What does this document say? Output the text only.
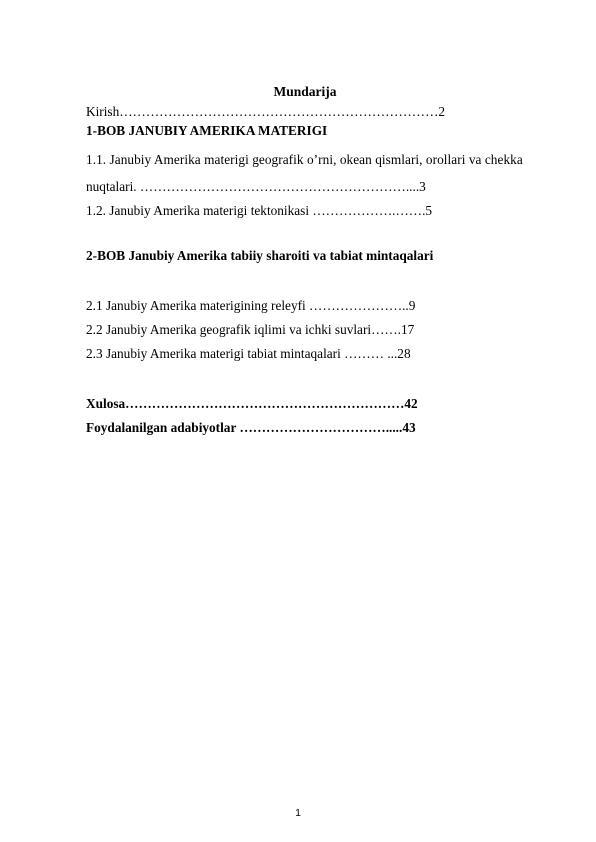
Mundarija
Kirish………………………………………………………………2
1-BOB JANUBIY AMERIKA MATERIGI
1.1. Janubiy Amerika materigi geografik o’rni, okean qismlari, orollari va chekka
nuqtalari. ……………………………………………………....3
1.2. Janubiy Amerika materigi tektonikasi ……………….…….5
2-BOB Janubiy Amerika tabiiy sharoiti va tabiat mintaqalari
2.1 Janubiy Amerika materigining releyfi …………………..9
2.2 Janubiy Amerika geografik iqlimi va ichki suvlari…….17
2.3 Janubiy Amerika materigi tabiat mintaqalari ……… ...28
Xulosa………………………………………………………42
Foydalanilgan adabiyotlar …………………………….....43
1
